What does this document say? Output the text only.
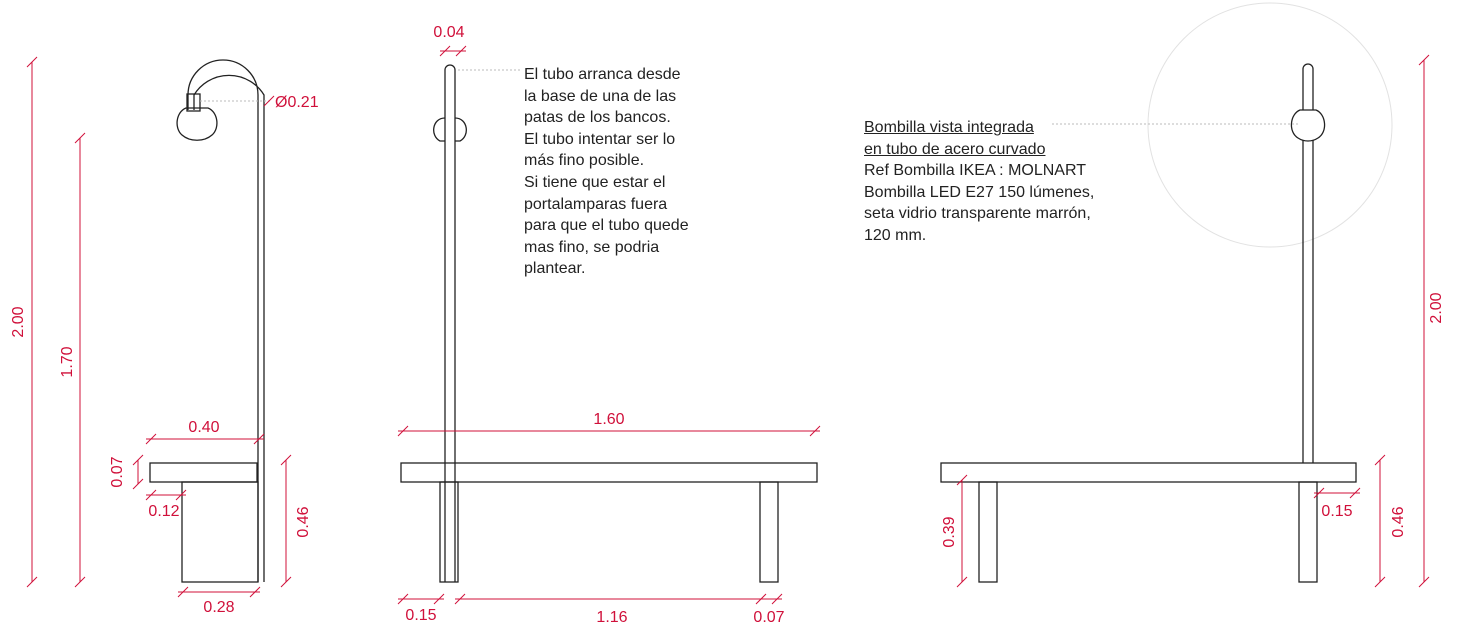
2.00
1.70
Ø0.21
0.40
0.07
0.12	0.46
0.28
0.04
1.60
0.15	1.16	0.07
0.39
0.15 0.46
2.00
El tubo arranca desde
la base de una de las
patas de los bancos.
El tubo intentar ser lo
más fino posible.
Si tiene que estar el
portalamparas fuera
para que el tubo quede
mas fino, se podria
plantear.
Bombilla vista integrada
en tubo de acero curvado
Ref Bombilla IKEA : MOLNART
Bombilla LED E27 150 lúmenes,
seta vidrio transparente marrón,
120 mm.
